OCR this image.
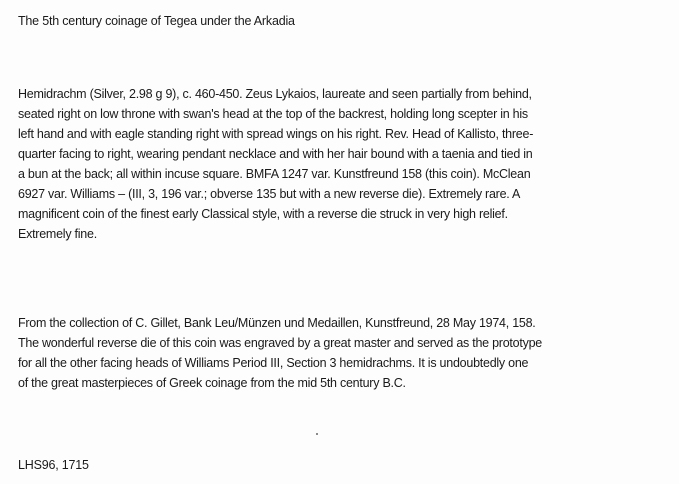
The 5th century coinage of Tegea under the Arkadia
Hemidrachm (Silver, 2.98 g 9), c. 460-450. Zeus Lykaios, laureate and seen partially from behind,
seated right on low throne with swan's head at the top of the backrest, holding long scepter in his
left hand and with eagle standing right with spread wings on his right. Rev. Head of Kallisto, three-
quarter facing to right, wearing pendant necklace and with her hair bound with a taenia and tied in
a bun at the back; all within incuse square. BMFA 1247 var. Kunstfreund 158 (this coin). McClean
6927 var. Williams – (III, 3, 196 var.; obverse 135 but with a new reverse die). Extremely rare. A
magnificent coin of the finest early Classical style, with a reverse die struck in very high relief.
Extremely fine.
From the collection of C. Gillet, Bank Leu/Münzen und Medaillen, Kunstfreund, 28 May 1974, 158.
The wonderful reverse die of this coin was engraved by a great master and served as the prototype
for all the other facing heads of Williams Period III, Section 3 hemidrachms. It is undoubtedly one
of the great masterpieces of Greek coinage from the mid 5th century B.C.
LHS96, 1715
